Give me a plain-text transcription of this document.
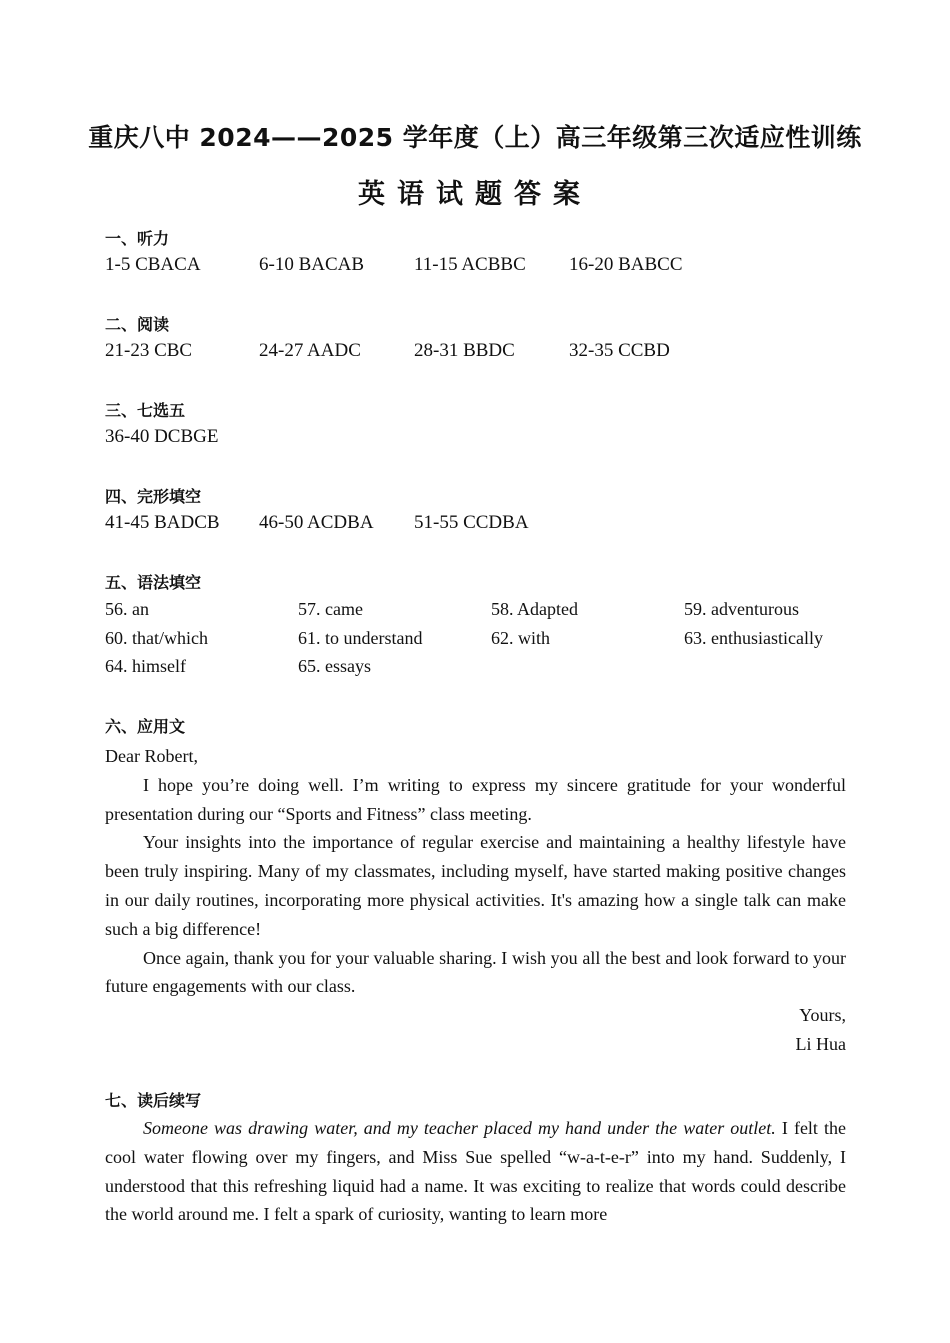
重庆八中 2024——2025 学年度（上）高三年级第三次适应性训练
英语试题答案
一、听力
1-5 CBACA	6-10 BACAB	11-15 ACBBC 16-20 BABCC
二、阅读
21-23 CBC	24-27 AADC	28-31 BBDC	32-35 CCBD
三、七选五
36-40 DCBGE
四、完形填空
41-45 BADCB 46-50 ACDBA 51-55 CCDBA
五、语法填空
56. an	57. came	58. Adapted	59. adventurous
60. that/which	61. to understand	62. with	63. enthusiastically
64. himself	65. essays
六、应用文

Dear Robert,

I hope you’re doing well. I’m writing to express my sincere gratitude for your wonderful presentation during our “Sports and Fitness” class meeting.

Your insights into the importance of regular exercise and maintaining a healthy lifestyle have been truly inspiring. Many of my classmates, including myself, have started making positive changes in our daily routines, incorporating more physical activities. It's amazing how a single talk can make such a big difference!

Once again, thank you for your valuable sharing. I wish you all the best and look forward to your future engagements with our class.

Yours,

Li Hua

七、读后续写

Someone was drawing water, and my teacher placed my hand under the water outlet. I felt the cool water flowing over my fingers, and Miss Sue spelled “w-a-t-e-r” into my hand. Suddenly, I understood that this refreshing liquid had a name. It was exciting to realize that words could describe the world around me. I felt a spark of curiosity, wanting to learn more
